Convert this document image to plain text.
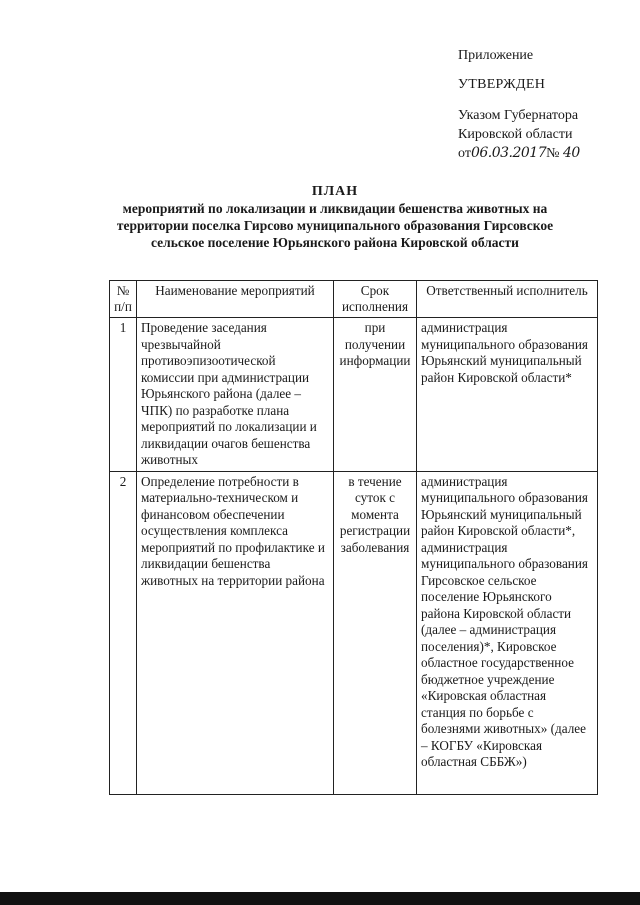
Приложение
УТВЕРЖДЕН
Указом Губернатора
Кировской области
от06.03.2017№ 40
ПЛАН
мероприятий по локализации и ликвидации бешенства животных на территории поселка Гирсово муниципального образования Гирсовское сельское поселение Юрьянского района Кировской области
№ п/п	Наименование мероприятий	Срок исполнения	Ответственный исполнитель
1	Проведение заседания чрезвычайной противоэпизоотической комиссии при администрации Юрьянского района (далее – ЧПК) по разработке плана мероприятий по локализации и ликвидации очагов бешенства животных	при получении информации	администрация муниципального образования Юрьянский муниципальный район Кировской области*
2	Определение потребности в материально-техническом и финансовом обеспечении осуществления комплекса мероприятий по профилактике и ликвидации бешенства животных на территории района	в течение суток с момента регистрации заболевания	администрация муниципального образования Юрьянский муниципальный район Кировской области*, администрация муниципального образования Гирсовское сельское поселение Юрьянского района Кировской области (далее – администрация поселения)*, Кировское областное государственное бюджетное учреждение «Кировская областная станция по борьбе с болезнями животных» (далее – КОГБУ «Кировская областная СББЖ»)
